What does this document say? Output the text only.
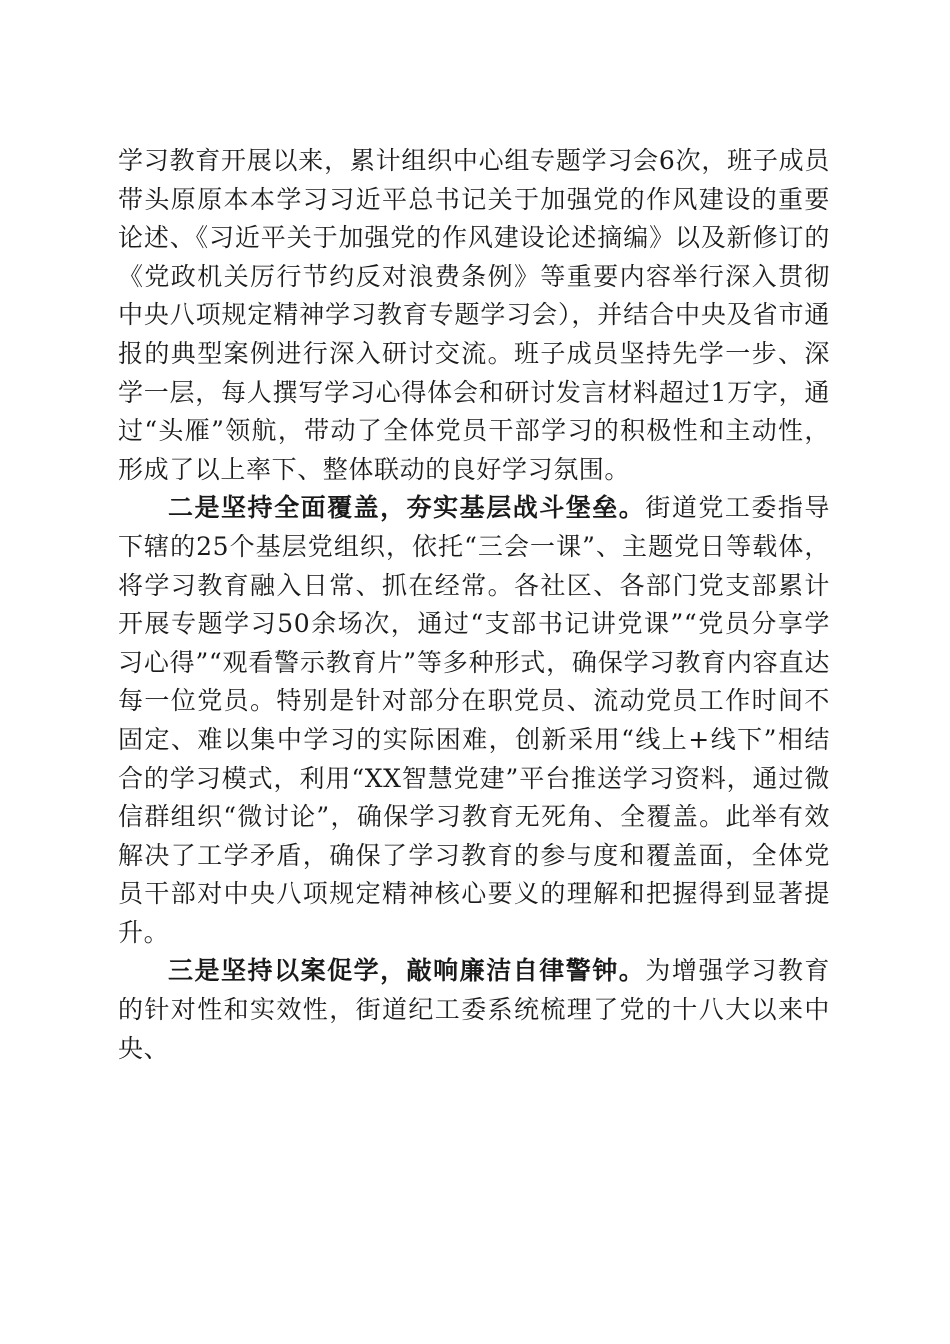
学习教育开展以来，累计组织中心组专题学习会6次，班子成员带头原原本本学习习近平总书记关于加强党的作风建设的重要论述、《习近平关于加强党的作风建设论述摘编》以及新修订的《党政机关厉行节约反对浪费条例》等重要内容举行深入贯彻中央八项规定精神学习教育专题学习会），并结合中央及省市通报的典型案例进行深入研讨交流。班子成员坚持先学一步、深学一层，每人撰写学习心得体会和研讨发言材料超过1万字，通过“头雁”领航，带动了全体党员干部学习的积极性和主动性，形成了以上率下、整体联动的良好学习氛围。

二是坚持全面覆盖，夯实基层战斗堡垒。街道党工委指导下辖的25个基层党组织，依托“三会一课”、主题党日等载体，将学习教育融入日常、抓在经常。各社区、各部门党支部累计开展专题学习50余场次，通过“支部书记讲党课”“党员分享学习心得”“观看警示教育片”等多种形式，确保学习教育内容直达每一位党员。特别是针对部分在职党员、流动党员工作时间不固定、难以集中学习的实际困难，创新采用“线上+线下”相结合的学习模式，利用“XX智慧党建”平台推送学习资料，通过微信群组织“微讨论”，确保学习教育无死角、全覆盖。此举有效解决了工学矛盾，确保了学习教育的参与度和覆盖面，全体党员干部对中央八项规定精神核心要义的理解和把握得到显著提升。

三是坚持以案促学，敲响廉洁自律警钟。为增强学习教育的针对性和实效性，街道纪工委系统梳理了党的十八大以来中央、
